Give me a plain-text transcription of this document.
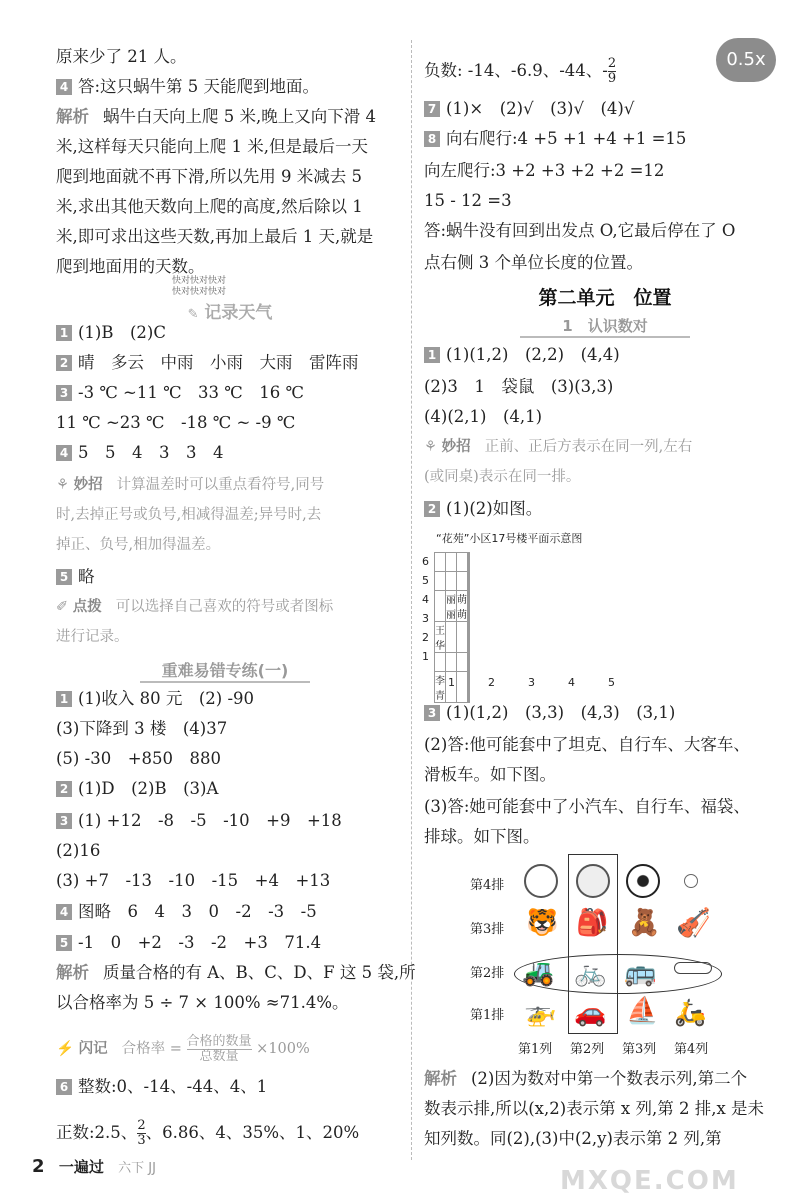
原来少了 21 人。
4 答:这只蜗牛第 5 天能爬到地面。
解析 蜗牛白天向上爬 5 米,晚上又向下滑 4
米,这样每天只能向上爬 1 米,但是最后一天
爬到地面就不再下滑,所以先用 9 米减去 5
米,求出其他天数向上爬的高度,然后除以 1
米,即可求出这些天数,再加上最后 1 天,就是
爬到地面用的天数。
快对快对快对
快对快对快对
✎ 记录天气
1 (1)B　(2)C
2 晴　多云　中雨　小雨　大雨　雷阵雨
3 -3 ℃ ~11 ℃　33 ℃　16 ℃
11 ℃ ~23 ℃　-18 ℃ ~ -9 ℃
4 5　5　4　3　3　4
⚘ 妙招 计算温差时可以重点看符号,同号
时,去掉正号或负号,相减得温差;异号时,去
掉正、负号,相加得温差。
5 略
✐ 点拨 可以选择自己喜欢的符号或者图标
进行记录。
重难易错专练(一)
1 (1)收入 80 元　(2) -90
(3)下降到 3 楼　(4)37
(5) -30　+850　880
2 (1)D　(2)B　(3)A
3 (1) +12　-8　-5　-10　+9　+18
(2)16
(3) +7　-13　-10　-15　+4　+13
4 图略　6　4　3　0　-2　-3　-5
5 -1　0　+2　-3　-2　+3　71.4
解析 质量合格的有 A、B、C、D、F 这 5 袋,所
以合格率为 5 ÷ 7 × 100% ≈71.4%。
⚡ 闪记 合格率 = $\frac{\text{合格的数量}}{\text{总数量}} \times 100\%$
6 整数:0、-14、-44、4、1
正数:2.5、 $\frac{2}{3}$ 、6.86、4、35%、1、20%
负数: -14、-6.9、-44、- $\frac{2}{9}$	0.5x
7 (1)×　(2)√　(3)√　(4)√
8 向右爬行:4 +5 +1 +4 +1 =15
向左爬行:3 +2 +3 +2 +2 =12
15 - 12 =3
答:蜗牛没有回到出发点 O,它最后停在了 O
点右侧 3 个单位长度的位置。
第二单元　位置
1　认识数对
1 (1)(1,2)　(2,2)　(4,4)
(2)3　1　袋鼠　(3)(3,3)
(4)(2,1)　(4,1)
⚘ 妙招 正前、正后方表示在同一列,左右
(或同桌)表示在同一排。
2 (1)(2)如图。
“花苑”小区17号楼平面示意图
6
5
4
3
2
1

	丽丽	萌萌		
王华				

李青				
1	2	3	4	5
3 (1)(1,2)　(3,3)　(4,3)　(3,1)
(2)答:他可能套中了坦克、自行车、大客车、
滑板车。如下图。
(3)答:她可能套中了小汽车、自行车、福袋、
排球。如下图。
第4排
第3排
第2排
第1排
🐯 🎒 🧸 🎻
🚜 🚲 🚌
🚁 🚗 ⛵ 🛵
第1列 第2列 第3列 第4列
解析 (2)因为数对中第一个数表示列,第二个
数表示排,所以(x,2)表示第 x 列,第 2 排,x 是未
知列数。同(2),(3)中(2,y)表示第 2 列,第
MXQE.COM
2 一遍过 六下 JJ
